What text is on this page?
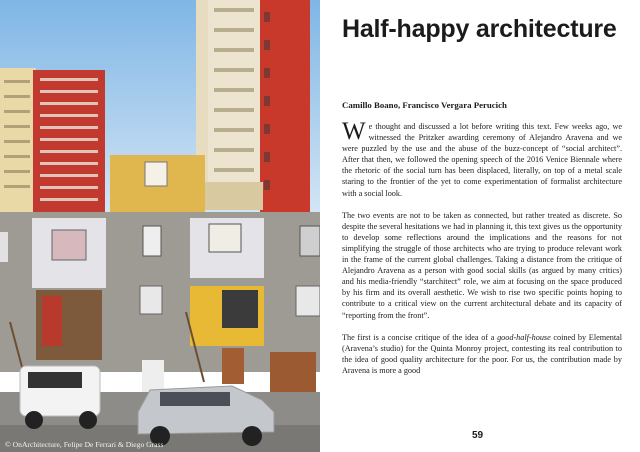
© OnArchitecture, Felipe De Ferrari & Diego Grass
Half-happy architecture
Camillo Boano, Francisco Vergara Perucich

We thought and discussed a lot before writing this text. Few weeks ago, we witnessed the Pritzker awarding ceremony of Alejandro Aravena and we were puzzled by the use and the abuse of the buzz-concept of “social architect”. After that then, we followed the opening speech of the 2016 Venice Biennale where the rhetoric of the social turn has been displaced, literally, on top of a metal scale staring to the frontier of the yet to come experimentation of formalist architecture with a social look.

The two events are not to be taken as connected, but rather treated as discrete. So despite the several hesitations we had in planning it, this text gives us the opportunity to develop some reflections around the implications and the reasons for not simplifying the struggle of those architects who are trying to produce relevant work in the frame of the current global challenges. Taking a distance from the critique of Alejandro Aravena as a person with good social skills (as argued by many critics) and his media-friendly “starchitect” role, we aim at focusing on the space produced by his firm and its overall aesthetic. We wish to rise two specific points hoping to contribute to a critical view on the current architectural debate and its capacity of “reporting from the front”.

The first is a concise critique of the idea of a good-half-house coined by Elemental (Aravena’s studio) for the Quinta Monroy project, contesting its real contribution to the idea of good quality architecture for the poor. For us, the contribution made by Aravena is more a good

59
